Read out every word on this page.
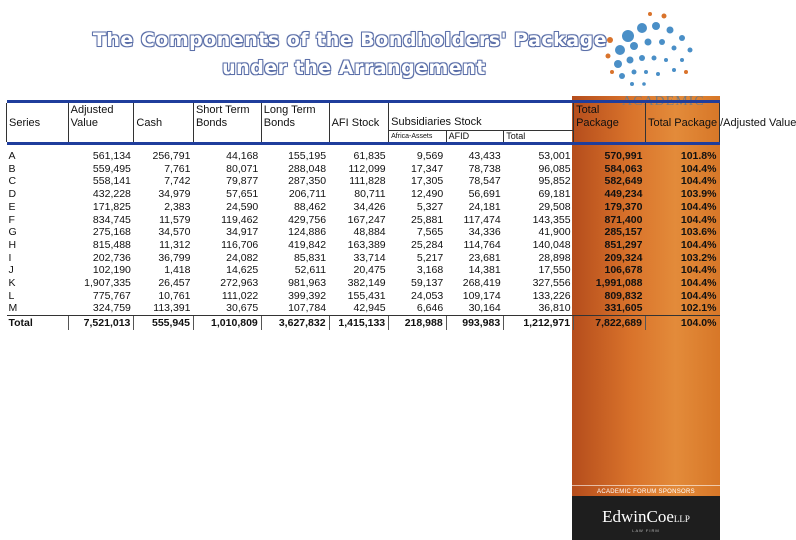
ACADEMIC FORUM SPONSORS
EdwinCoeLLP
LAW FIRM
The Components of the Bondholders' Package
under the Arrangement

Series	Adjusted Value	Cash	Short Term Bonds	Long Term Bonds	AFI Stock	Subsidiaries Stock			Total Package	Total Package /Adjusted Value
						Africa-Assets	AFID	Total		

A	561,134	256,791	44,168	155,195	61,835	9,569	43,433	53,001	570,991	101.8%
B	559,495	7,761	80,071	288,048	112,099	17,347	78,738	96,085	584,063	104.4%
C	558,141	7,742	79,877	287,350	111,828	17,305	78,547	95,852	582,649	104.4%
D	432,228	34,979	57,651	206,711	80,711	12,490	56,691	69,181	449,234	103.9%
E	171,825	2,383	24,590	88,462	34,426	5,327	24,181	29,508	179,370	104.4%
F	834,745	11,579	119,462	429,756	167,247	25,881	117,474	143,355	871,400	104.4%
G	275,168	34,570	34,917	124,886	48,884	7,565	34,336	41,900	285,157	103.6%
H	815,488	11,312	116,706	419,842	163,389	25,284	114,764	140,048	851,297	104.4%
I	202,736	36,799	24,082	85,831	33,714	5,217	23,681	28,898	209,324	103.2%
J	102,190	1,418	14,625	52,611	20,475	3,168	14,381	17,550	106,678	104.4%
K	1,907,335	26,457	272,963	981,963	382,149	59,137	268,419	327,556	1,991,088	104.4%
L	775,767	10,761	111,022	399,392	155,431	24,053	109,174	133,226	809,832	104.4%
M	324,759	113,391	30,675	107,784	42,945	6,646	30,164	36,810	331,605	102.1%
Total	7,521,013	555,945	1,010,809	3,627,832	1,415,133	218,988	993,983	1,212,971	7,822,689	104.0%
